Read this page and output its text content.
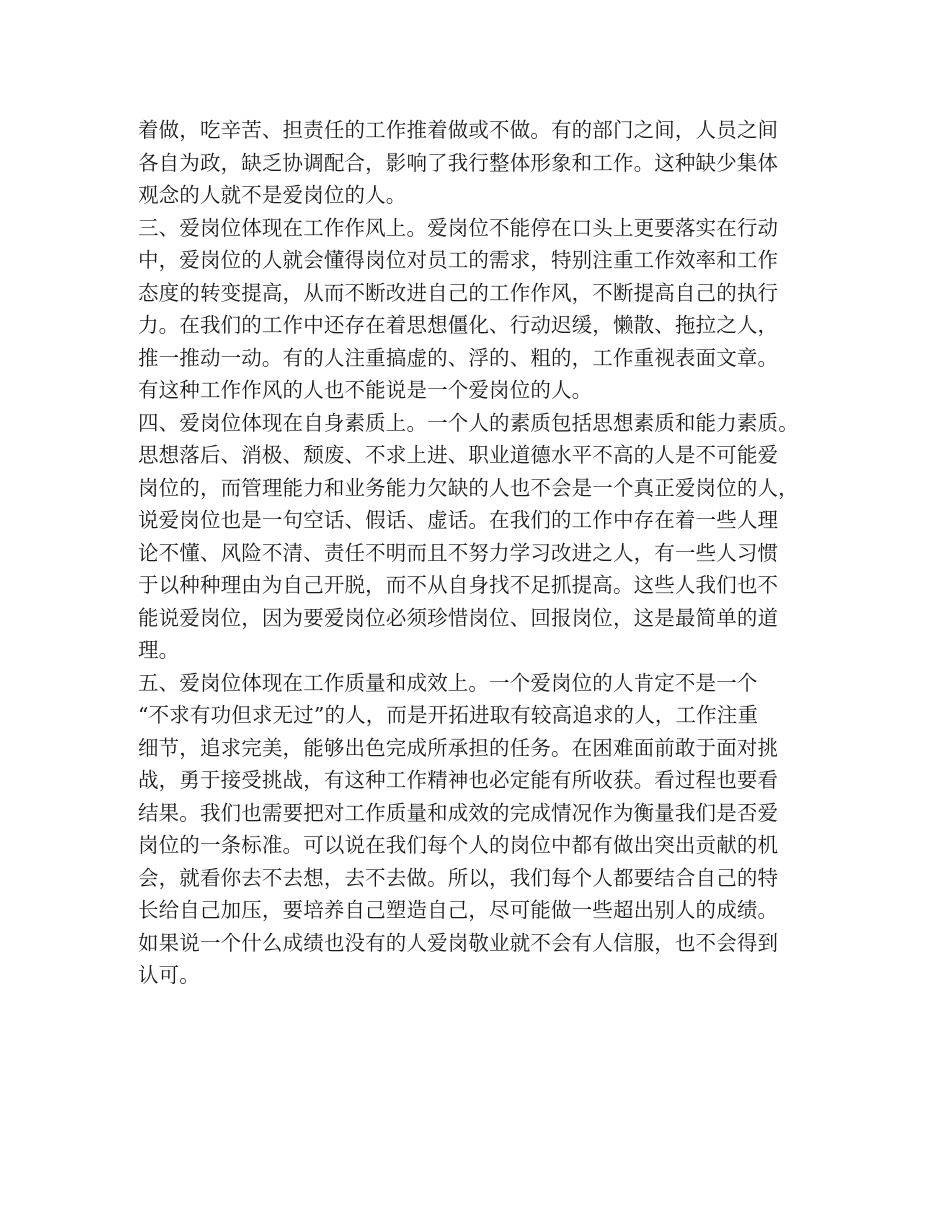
着做，吃辛苦、担责任的工作推着做或不做。有的部门之间，人员之间
各自为政，缺乏协调配合，影响了我行整体形象和工作。这种缺少集体
观念的人就不是爱岗位的人。
三、爱岗位体现在工作作风上。爱岗位不能停在口头上更要落实在行动
中，爱岗位的人就会懂得岗位对员工的需求，特别注重工作效率和工作
态度的转变提高，从而不断改进自己的工作作风，不断提高自己的执行
力。在我们的工作中还存在着思想僵化、行动迟缓，懒散、拖拉之人，
推一推动一动。有的人注重搞虚的、浮的、粗的，工作重视表面文章。
有这种工作作风的人也不能说是一个爱岗位的人。
四、爱岗位体现在自身素质上。一个人的素质包括思想素质和能力素质。
思想落后、消极、颓废、不求上进、职业道德水平不高的人是不可能爱
岗位的，而管理能力和业务能力欠缺的人也不会是一个真正爱岗位的人，
说爱岗位也是一句空话、假话、虚话。在我们的工作中存在着一些人理
论不懂、风险不清、责任不明而且不努力学习改进之人，有一些人习惯
于以种种理由为自己开脱，而不从自身找不足抓提高。这些人我们也不
能说爱岗位，因为要爱岗位必须珍惜岗位、回报岗位，这是最简单的道
理。
五、爱岗位体现在工作质量和成效上。一个爱岗位的人肯定不是一个
“不求有功但求无过”的人，而是开拓进取有较高追求的人，工作注重
细节，追求完美，能够出色完成所承担的任务。在困难面前敢于面对挑
战，勇于接受挑战，有这种工作精神也必定能有所收获。看过程也要看
结果。我们也需要把对工作质量和成效的完成情况作为衡量我们是否爱
岗位的一条标准。可以说在我们每个人的岗位中都有做出突出贡献的机
会，就看你去不去想，去不去做。所以，我们每个人都要结合自己的特
长给自己加压，要培养自己塑造自己，尽可能做一些超出别人的成绩。
如果说一个什么成绩也没有的人爱岗敬业就不会有人信服，也不会得到
认可。
